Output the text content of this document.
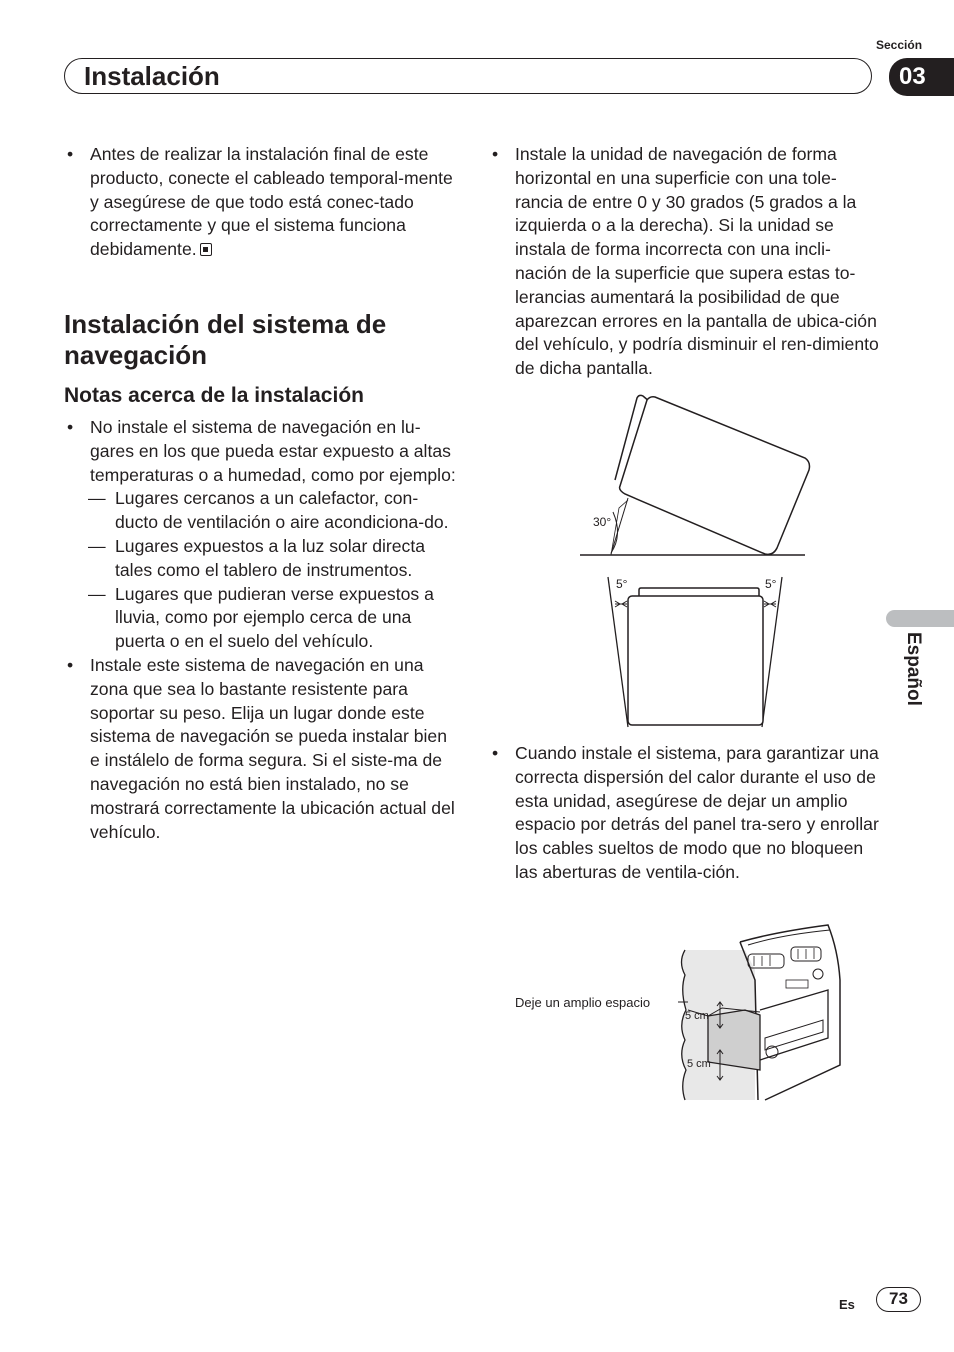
Sección
Instalación	03
Español
• Antes de realizar la instalación final de este producto, conecte el cableado temporal-mente y asegúrese de que todo está conec-tado correctamente y que el sistema funciona debidamente.
Instalación del sistema de navegación
Notas acerca de la instalación
• No instale el sistema de navegación en lu-gares en los que pueda estar expuesto a altas temperaturas o a humedad, como por ejemplo:
— Lugares cercanos a un calefactor, con-ducto de ventilación o aire acondiciona-do.
— Lugares expuestos a la luz solar directa tales como el tablero de instrumentos.
— Lugares que pudieran verse expuestos a lluvia, como por ejemplo cerca de una puerta o en el suelo del vehículo.
• Instale este sistema de navegación en una zona que sea lo bastante resistente para soportar su peso. Elija un lugar donde este sistema de navegación se pueda instalar bien e instálelo de forma segura. Si el siste-ma de navegación no está bien instalado, no se mostrará correctamente la ubicación actual del vehículo.
• Instale la unidad de navegación de forma horizontal en una superficie con una tole-rancia de entre 0 y 30 grados (5 grados a la izquierda o a la derecha). Si la unidad se instala de forma incorrecta con una incli-nación de la superficie que supera estas to-lerancias aumentará la posibilidad de que aparezcan errores en la pantalla de ubica-ción del vehículo, y podría disminuir el ren-dimiento de dicha pantalla.
30°
5°	5°
• Cuando instale el sistema, para garantizar una correcta dispersión del calor durante el uso de esta unidad, asegúrese de dejar un amplio espacio por detrás del panel tra-sero y enrollar los cables sueltos de modo que no bloqueen las aberturas de ventila-ción.
Deje un amplio espacio
5 cm
5 cm
Es	73
